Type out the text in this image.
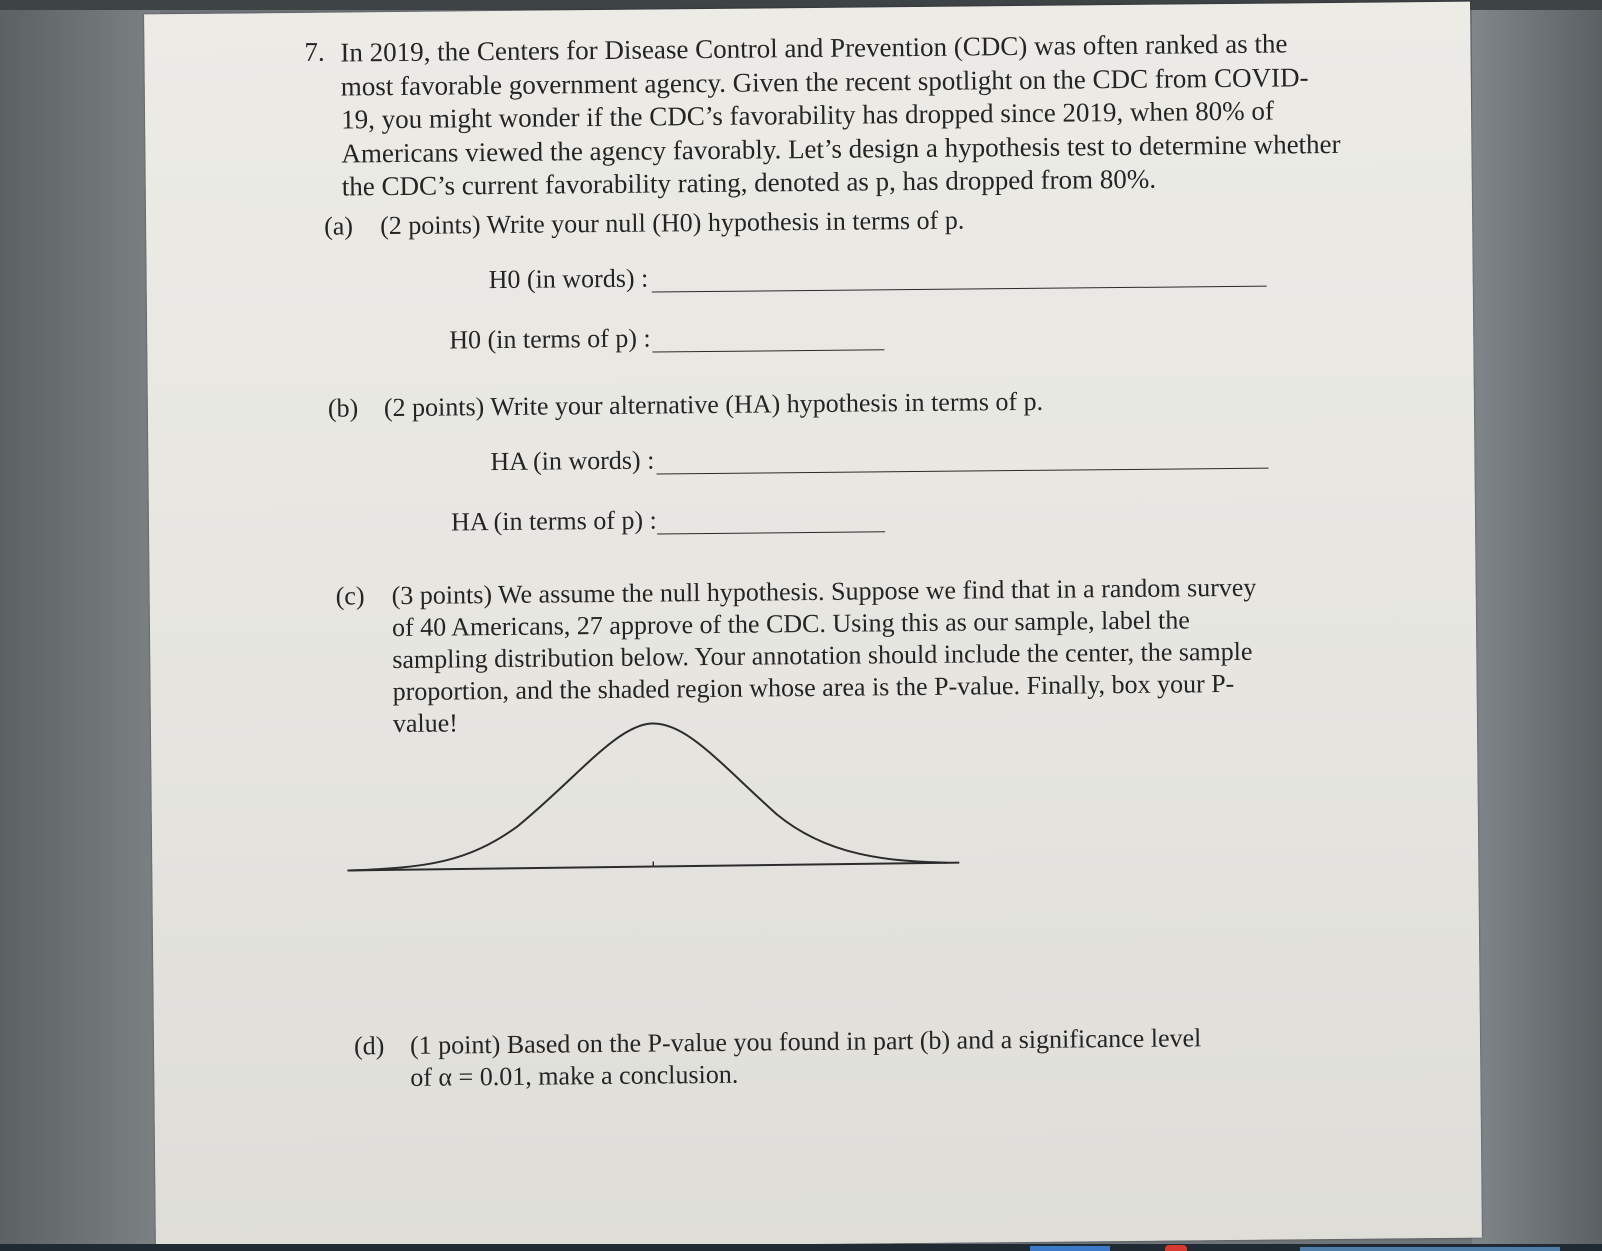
7. In 2019, the Centers for Disease Control and Prevention (CDC) was often ranked as the most favorable government agency. Given the recent spotlight on the CDC from COVID-19, you might wonder if the CDC’s favorability has dropped since 2019, when 80% of Americans viewed the agency favorably. Let’s design a hypothesis test to determine whether the CDC’s current favorability rating, denoted as p, has dropped from 80%.

(a) (2 points) Write your null (H0) hypothesis in terms of p.
H0 (in words) :
H0 (in terms of p) :
(b) (2 points) Write your alternative (HA) hypothesis in terms of p.
HA (in words) :
HA (in terms of p) :
(c) (3 points) We assume the null hypothesis. Suppose we find that in a random survey of 40 Americans, 27 approve of the CDC. Using this as our sample, label the sampling distribution below. Your annotation should include the center, the sample proportion, and the shaded region whose area is the P-value. Finally, box your P-value!
(d) (1 point) Based on the P-value you found in part (b) and a significance level of α = 0.01, make a conclusion.
